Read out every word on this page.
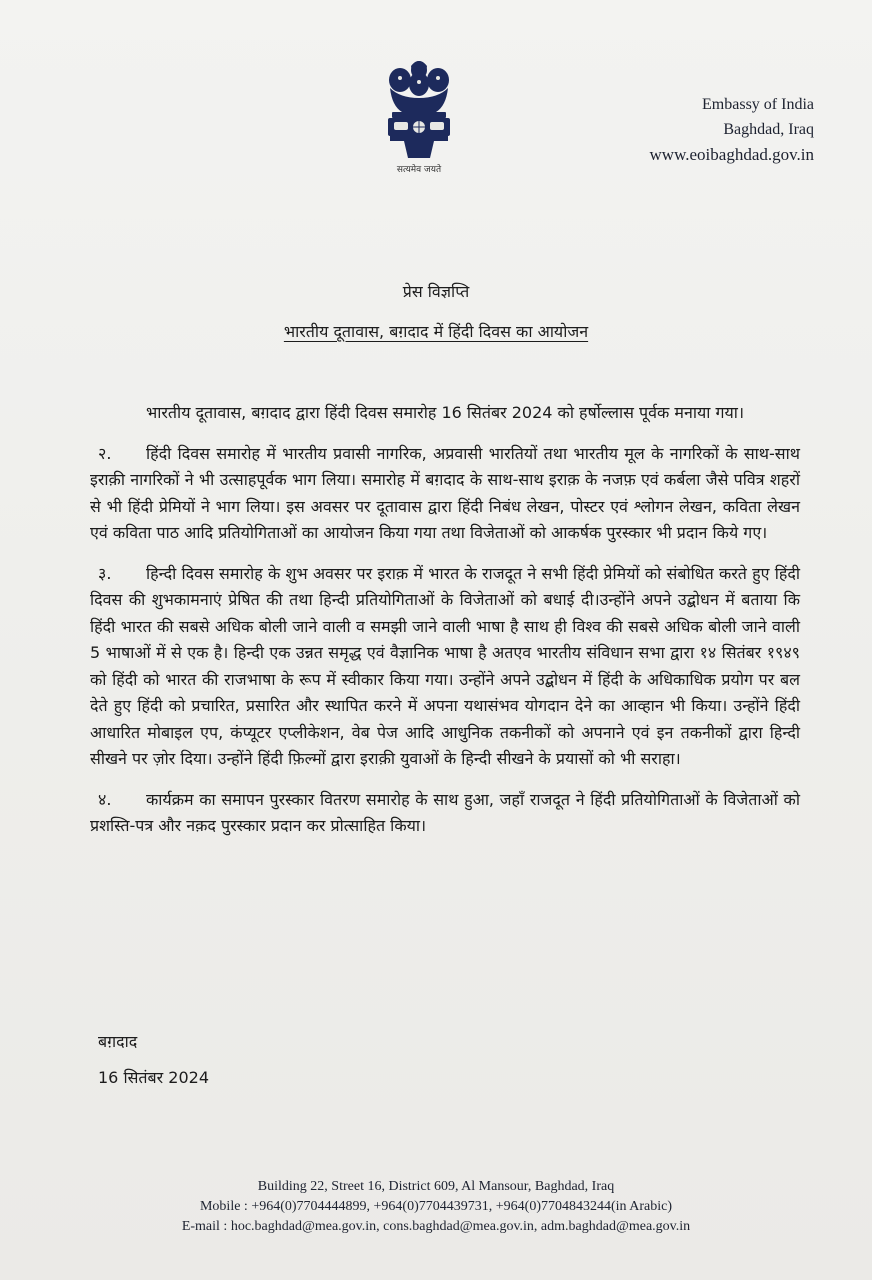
सत्यमेव जयते
Embassy of India
Baghdad, Iraq
www.eoibaghdad.gov.in
प्रेस विज्ञप्ति
भारतीय दूतावास, बग़दाद में हिंदी दिवस का आयोजन

भारतीय दूतावास, बग़दाद द्वारा हिंदी दिवस समारोह 16 सितंबर 2024 को हर्षोल्लास पूर्वक मनाया गया।

२. हिंदी दिवस समारोह में भारतीय प्रवासी नागरिक, अप्रवासी भारतियों तथा भारतीय मूल के नागरिकों के साथ-साथ इराक़ी नागरिकों ने भी उत्साहपूर्वक भाग लिया। समारोह में बग़दाद के साथ-साथ इराक़ के नजफ़ एवं कर्बला जैसे पवित्र शहरों से भी हिंदी प्रेमियों ने भाग लिया। इस अवसर पर दूतावास द्वारा हिंदी निबंध लेखन, पोस्टर एवं श्लोगन लेखन, कविता लेखन एवं कविता पाठ आदि प्रतियोगिताओं का आयोजन किया गया तथा विजेताओं को आकर्षक पुरस्कार भी प्रदान किये गए।

३. हिन्दी दिवस समारोह के शुभ अवसर पर इराक़ में भारत के राजदूत ने सभी हिंदी प्रेमियों को संबोधित करते हुए हिंदी दिवस की शुभकामनाएं प्रेषित की तथा हिन्दी प्रतियोगिताओं के विजेताओं को बधाई दी।उन्होंने अपने उद्बोधन में बताया कि हिंदी भारत की सबसे अधिक बोली जाने वाली व समझी जाने वाली भाषा है साथ ही विश्व की सबसे अधिक बोली जाने वाली 5 भाषाओं में से एक है। हिन्दी एक उन्नत समृद्ध एवं वैज्ञानिक भाषा है अतएव भारतीय संविधान सभा द्वारा १४ सितंबर १९४९ को हिंदी को भारत की राजभाषा के रूप में स्वीकार किया गया। उन्होंने अपने उद्बोधन में हिंदी के अधिकाधिक प्रयोग पर बल देते हुए हिंदी को प्रचारित, प्रसारित और स्थापित करने में अपना यथासंभव योगदान देने का आव्हान भी किया। उन्होंने हिंदी आधारित मोबाइल एप, कंप्यूटर एप्लीकेशन, वेब पेज आदि आधुनिक तकनीकों को अपनाने एवं इन तकनीकों द्वारा हिन्दी सीखने पर ज़ोर दिया। उन्होंने हिंदी फ़िल्मों द्वारा इराक़ी युवाओं के हिन्दी सीखने के प्रयासों को भी सराहा।

४. कार्यक्रम का समापन पुरस्कार वितरण समारोह के साथ हुआ, जहाँ राजदूत ने हिंदी प्रतियोगिताओं के विजेताओं को प्रशस्ति-पत्र और नक़द पुरस्कार प्रदान कर प्रोत्साहित किया।

बग़दाद
16 सितंबर 2024
Building 22, Street 16, District 609, Al Mansour, Baghdad, Iraq
Mobile : +964(0)7704444899, +964(0)7704439731, +964(0)7704843244(in Arabic)
E-mail : hoc.baghdad@mea.gov.in, cons.baghdad@mea.gov.in, adm.baghdad@mea.gov.in
